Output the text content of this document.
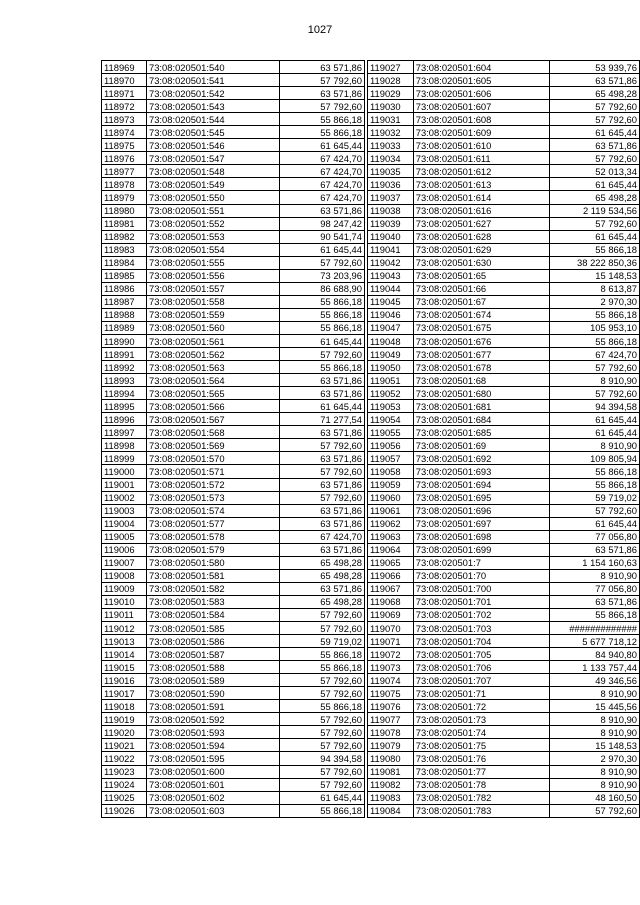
1027
118969	73:08:020501:540	63 571,86
118970	73:08:020501:541	57 792,60
118971	73:08:020501:542	63 571,86
118972	73:08:020501:543	57 792,60
118973	73:08:020501:544	55 866,18
118974	73:08:020501:545	55 866,18
118975	73:08:020501:546	61 645,44
118976	73:08:020501:547	67 424,70
118977	73:08:020501:548	67 424,70
118978	73:08:020501:549	67 424,70
118979	73:08:020501:550	67 424,70
118980	73:08:020501:551	63 571,86
118981	73:08:020501:552	98 247,42
118982	73:08:020501:553	90 541,74
118983	73:08:020501:554	61 645,44
118984	73:08:020501:555	57 792,60
118985	73:08:020501:556	73 203,96
118986	73:08:020501:557	86 688,90
118987	73:08:020501:558	55 866,18
118988	73:08:020501:559	55 866,18
118989	73:08:020501:560	55 866,18
118990	73:08:020501:561	61 645,44
118991	73:08:020501:562	57 792,60
118992	73:08:020501:563	55 866,18
118993	73:08:020501:564	63 571,86
118994	73:08:020501:565	63 571,86
118995	73:08:020501:566	61 645,44
118996	73:08:020501:567	71 277,54
118997	73:08:020501:568	63 571,86
118998	73:08:020501:569	57 792,60
118999	73:08:020501:570	63 571,86
119000	73:08:020501:571	57 792,60
119001	73:08:020501:572	63 571,86
119002	73:08:020501:573	57 792,60
119003	73:08:020501:574	63 571,86
119004	73:08:020501:577	63 571,86
119005	73:08:020501:578	67 424,70
119006	73:08:020501:579	63 571,86
119007	73:08:020501:580	65 498,28
119008	73:08:020501:581	65 498,28
119009	73:08:020501:582	63 571,86
119010	73:08:020501:583	65 498,28
119011	73:08:020501:584	57 792,60
119012	73:08:020501:585	57 792,60
119013	73:08:020501:586	59 719,02
119014	73:08:020501:587	55 866,18
119015	73:08:020501:588	55 866,18
119016	73:08:020501:589	57 792,60
119017	73:08:020501:590	57 792,60
119018	73:08:020501:591	55 866,18
119019	73:08:020501:592	57 792,60
119020	73:08:020501:593	57 792,60
119021	73:08:020501:594	57 792,60
119022	73:08:020501:595	94 394,58
119023	73:08:020501:600	57 792,60
119024	73:08:020501:601	57 792,60
119025	73:08:020501:602	61 645,44
119026	73:08:020501:603	55 866,18
119027	73:08:020501:604	53 939,76
119028	73:08:020501:605	63 571,86
119029	73:08:020501:606	65 498,28
119030	73:08:020501:607	57 792,60
119031	73:08:020501:608	57 792,60
119032	73:08:020501:609	61 645,44
119033	73:08:020501:610	63 571,86
119034	73:08:020501:611	57 792,60
119035	73:08:020501:612	52 013,34
119036	73:08:020501:613	61 645,44
119037	73:08:020501:614	65 498,28
119038	73:08:020501:616	2 119 534,56
119039	73:08:020501:627	57 792,60
119040	73:08:020501:628	61 645,44
119041	73:08:020501:629	55 866,18
119042	73:08:020501:630	38 222 850,36
119043	73:08:020501:65	15 148,53
119044	73:08:020501:66	8 613,87
119045	73:08:020501:67	2 970,30
119046	73:08:020501:674	55 866,18
119047	73:08:020501:675	105 953,10
119048	73:08:020501:676	55 866,18
119049	73:08:020501:677	67 424,70
119050	73:08:020501:678	57 792,60
119051	73:08:020501:68	8 910,90
119052	73:08:020501:680	57 792,60
119053	73:08:020501:681	94 394,58
119054	73:08:020501:684	61 645,44
119055	73:08:020501:685	61 645,44
119056	73:08:020501:69	8 910,90
119057	73:08:020501:692	109 805,94
119058	73:08:020501:693	55 866,18
119059	73:08:020501:694	55 866,18
119060	73:08:020501:695	59 719,02
119061	73:08:020501:696	57 792,60
119062	73:08:020501:697	61 645,44
119063	73:08:020501:698	77 056,80
119064	73:08:020501:699	63 571,86
119065	73:08:020501:7	1 154 160,63
119066	73:08:020501:70	8 910,90
119067	73:08:020501:700	77 056,80
119068	73:08:020501:701	63 571,86
119069	73:08:020501:702	55 866,18
119070	73:08:020501:703	#############
119071	73:08:020501:704	5 677 718,12
119072	73:08:020501:705	84 940,80
119073	73:08:020501:706	1 133 757,44
119074	73:08:020501:707	49 346,56
119075	73:08:020501:71	8 910,90
119076	73:08:020501:72	15 445,56
119077	73:08:020501:73	8 910,90
119078	73:08:020501:74	8 910,90
119079	73:08:020501:75	15 148,53
119080	73:08:020501:76	2 970,30
119081	73:08:020501:77	8 910,90
119082	73:08:020501:78	8 910,90
119083	73:08:020501:782	48 160,50
119084	73:08:020501:783	57 792,60
